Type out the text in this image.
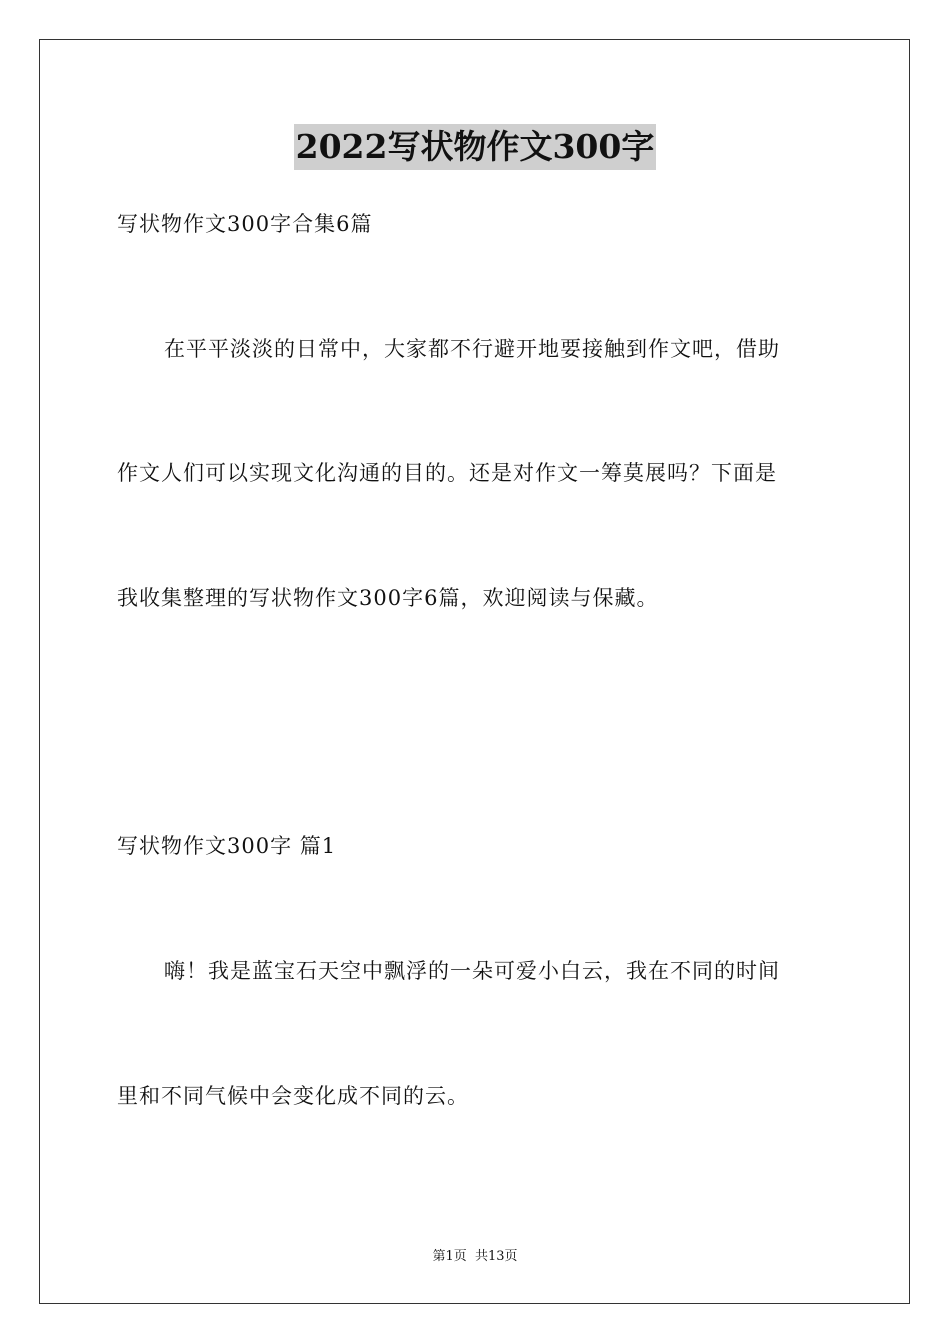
2022写状物作文300字
写状物作文300字合集6篇
在平平淡淡的日常中，大家都不行避开地要接触到作文吧，借助
作文人们可以实现文化沟通的目的。还是对作文一筹莫展吗？下面是
我收集整理的写状物作文300字6篇，欢迎阅读与保藏。
写状物作文300字 篇1
嗨！我是蓝宝石天空中飘浮的一朵可爱小白云，我在不同的时间
里和不同气候中会变化成不同的云。
第1页 共13页
